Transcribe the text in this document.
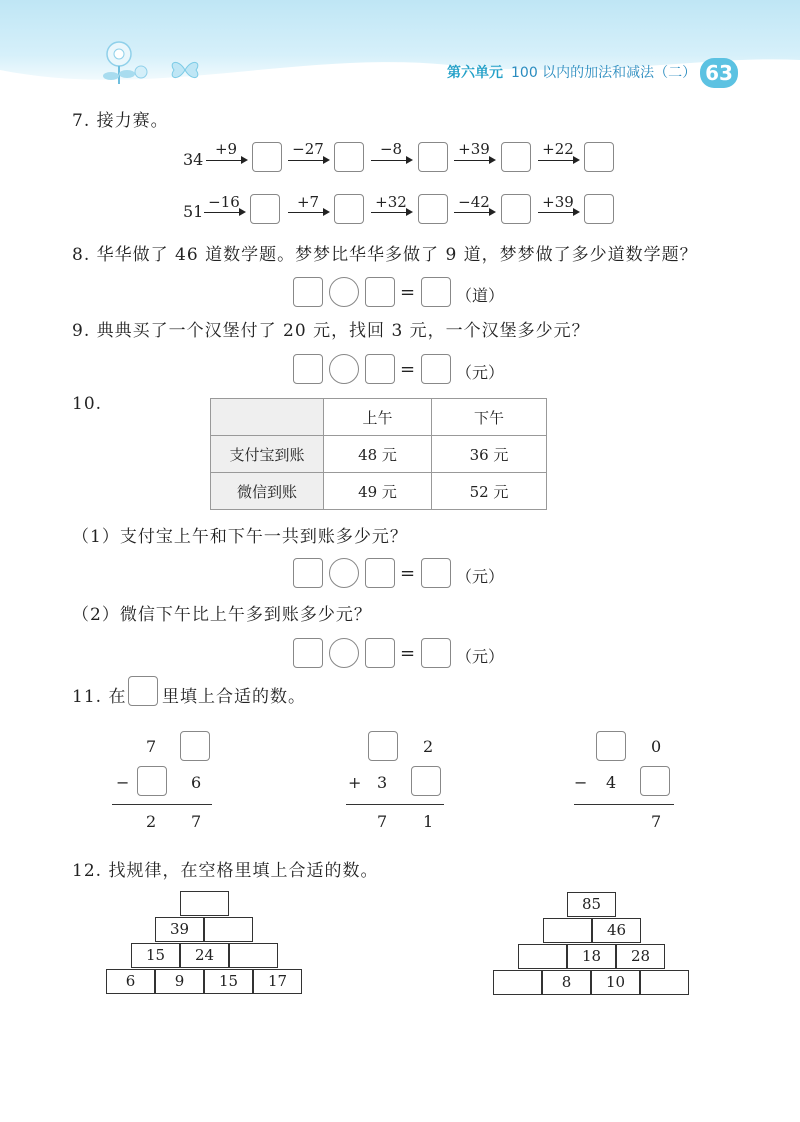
第六单元 100 以内的加法和减法（二） 63
7. 接力赛。
34
+9	−27	−8	+39	+22
51 −16	+7	+32	−42	+39
8. 华华做了 46 道数学题。梦梦比华华多做了 9 道，梦梦做了多少道数学题？
=	（道）
9. 典典买了一个汉堡付了 20 元，找回 3 元，一个汉堡多少元？
=	（元）
10.
	上午	下午
支付宝到账	48 元	36 元
微信到账	49 元	52 元
（1）支付宝上午和下午一共到账多少元？
=	（元）
（2）微信下午比上午多到账多少元？
=	（元）
11. 在 里填上合适的数。
7
−	6
2 7
2
+ 3
7 1
0
− 4
7
12. 找规律，在空格里填上合适的数。
39
15	24
6	9	15	17
85
46
18	28
8	10
